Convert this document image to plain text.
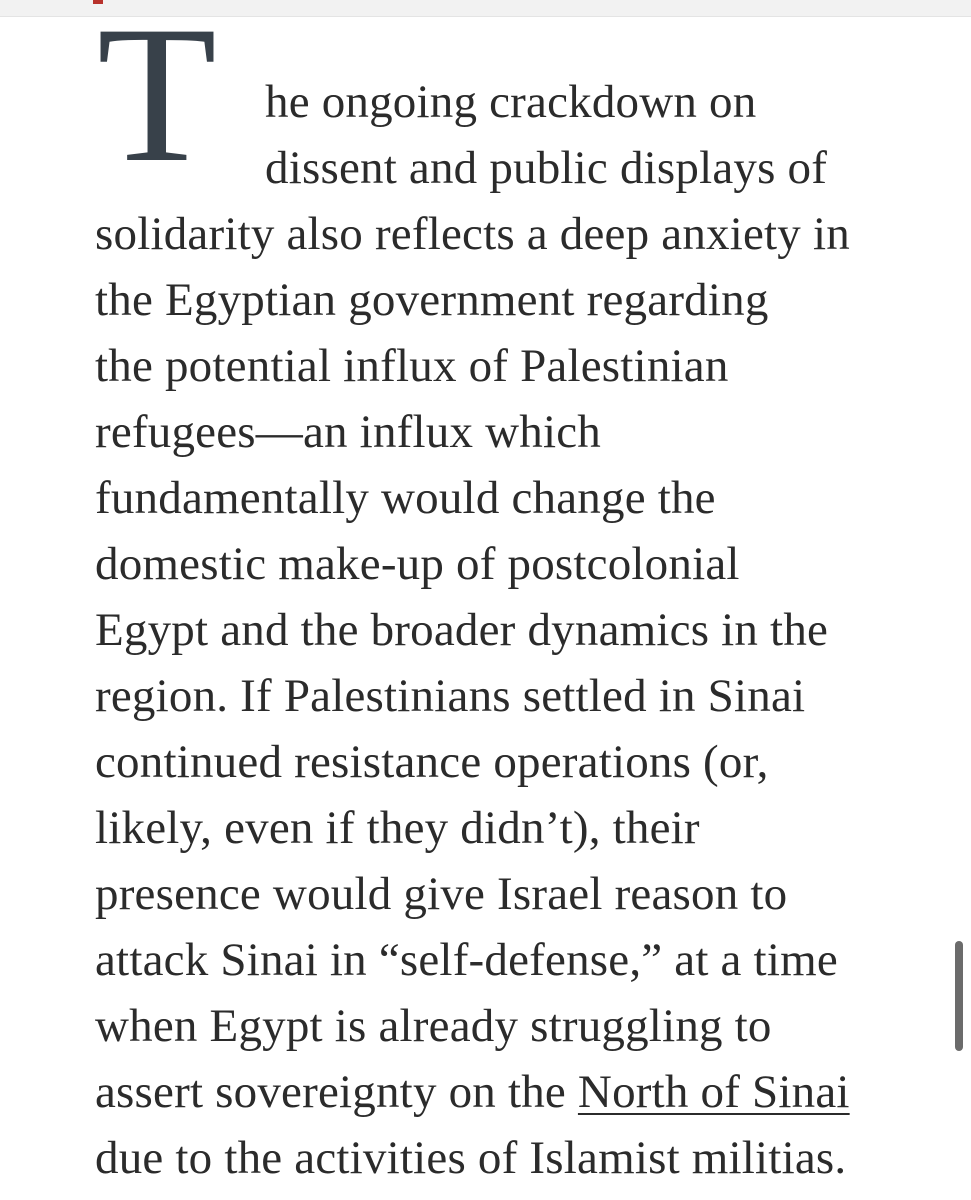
T	he ongoing crackdown on
dissent and public displays of
solidarity also reflects a deep anxiety in
the Egyptian government regarding
the potential influx of Palestinian
refugees—an influx which
fundamentally would change the
domestic make-up of postcolonial
Egypt and the broader dynamics in the
region. If Palestinians settled in Sinai
continued resistance operations (or,
likely, even if they didn’t), their
presence would give Israel reason to
attack Sinai in “self-defense,” at a time
when Egypt is already struggling to
assert sovereignty on the North of Sinai
due to the activities of Islamist militias.
